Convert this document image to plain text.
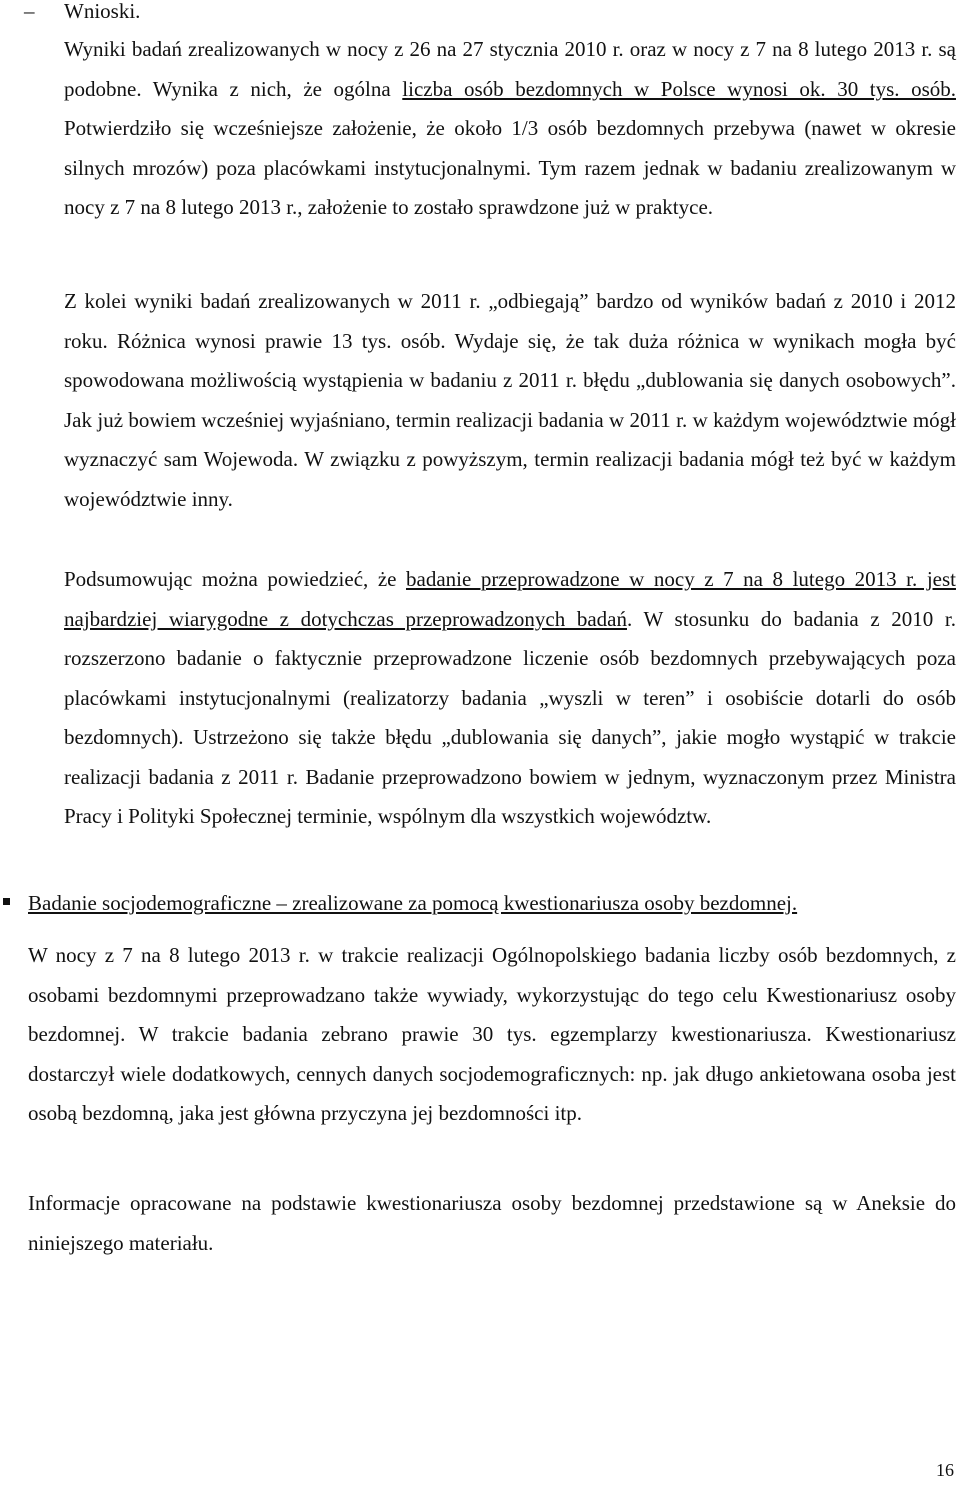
– Wnioski.

Wyniki badań zrealizowanych w nocy z 26 na 27 stycznia 2010 r. oraz w nocy z 7 na 8 lutego 2013 r. są podobne. Wynika z nich, że ogólna liczba osób bezdomnych w Polsce wynosi ok. 30 tys. osób. Potwierdziło się wcześniejsze założenie, że około 1/3 osób bezdomnych przebywa (nawet w okresie silnych mrozów) poza placówkami instytucjonalnymi. Tym razem jednak w badaniu zrealizowanym w nocy z 7 na 8 lutego 2013 r., założenie to zostało sprawdzone już w praktyce.

Z kolei wyniki badań zrealizowanych w 2011 r. „odbiegają” bardzo od wyników badań z 2010 i 2012 roku. Różnica wynosi prawie 13 tys. osób. Wydaje się, że tak duża różnica w wynikach mogła być spowodowana możliwością wystąpienia w badaniu z 2011 r. błędu „dublowania się danych osobowych”. Jak już bowiem wcześniej wyjaśniano, termin realizacji badania w 2011 r. w każdym województwie mógł wyznaczyć sam Wojewoda. W związku z powyższym, termin realizacji badania mógł też być w każdym województwie inny.

Podsumowując można powiedzieć, że badanie przeprowadzone w nocy z 7 na 8 lutego 2013 r. jest najbardziej wiarygodne z dotychczas przeprowadzonych badań. W stosunku do badania z 2010 r. rozszerzono badanie o faktycznie przeprowadzone liczenie osób bezdomnych przebywających poza placówkami instytucjonalnymi (realizatorzy badania „wyszli w teren” i osobiście dotarli do osób bezdomnych). Ustrzeżono się także błędu „dublowania się danych”, jakie mogło wystąpić w trakcie realizacji badania z 2011 r. Badanie przeprowadzono bowiem w jednym, wyznaczonym przez Ministra Pracy i Polityki Społecznej terminie, wspólnym dla wszystkich województw.

Badanie socjodemograficzne – zrealizowane za pomocą kwestionariusza osoby bezdomnej.

W nocy z 7 na 8 lutego 2013 r. w trakcie realizacji Ogólnopolskiego badania liczby osób bezdomnych, z osobami bezdomnymi przeprowadzano także wywiady, wykorzystując do tego celu Kwestionariusz osoby bezdomnej. W trakcie badania zebrano prawie 30 tys. egzemplarzy kwestionariusza. Kwestionariusz dostarczył wiele dodatkowych, cennych danych socjodemograficznych: np. jak długo ankietowana osoba jest osobą bezdomną, jaka jest główna przyczyna jej bezdomności itp.

Informacje opracowane na podstawie kwestionariusza osoby bezdomnej przedstawione są w Aneksie do niniejszego materiału.

16
